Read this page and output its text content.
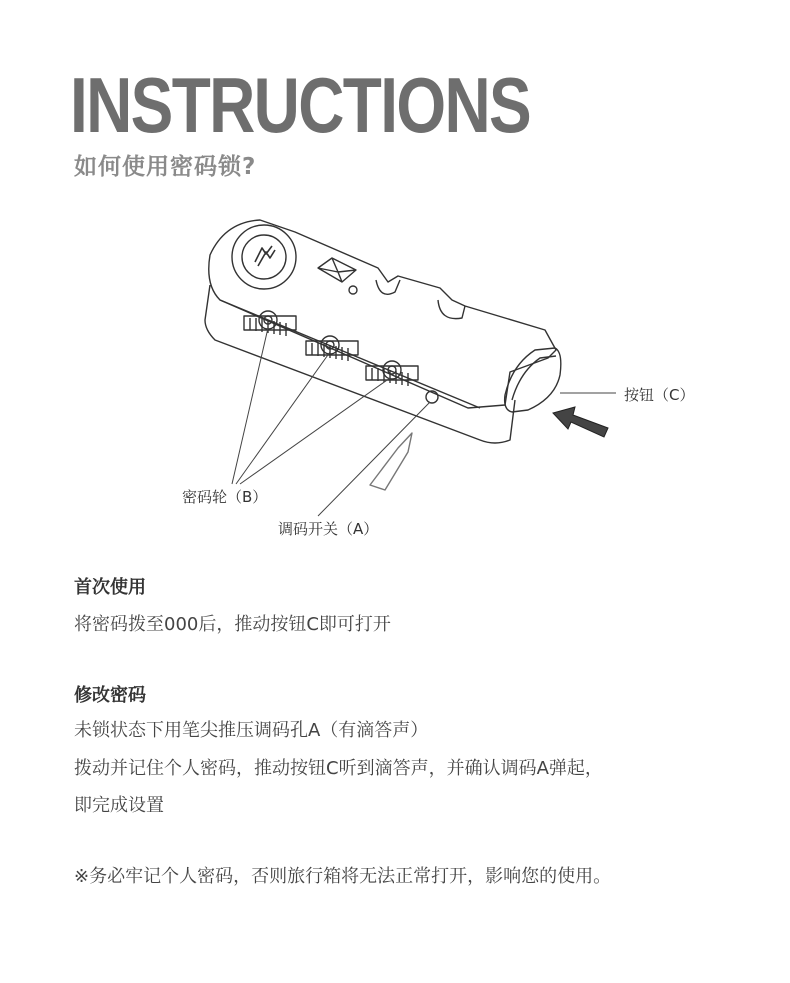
INSTRUCTIONS
如何使用密码锁?
按钮（C）
密码轮（B）
调码开关（A）
首次使用
将密码拨至000后，推动按钮C即可打开
修改密码
未锁状态下用笔尖推压调码孔A（有滴答声）
拨动并记住个人密码，推动按钮C听到滴答声，并确认调码A弹起，
即完成设置
※务必牢记个人密码，否则旅行箱将无法正常打开，影响您的使用。
